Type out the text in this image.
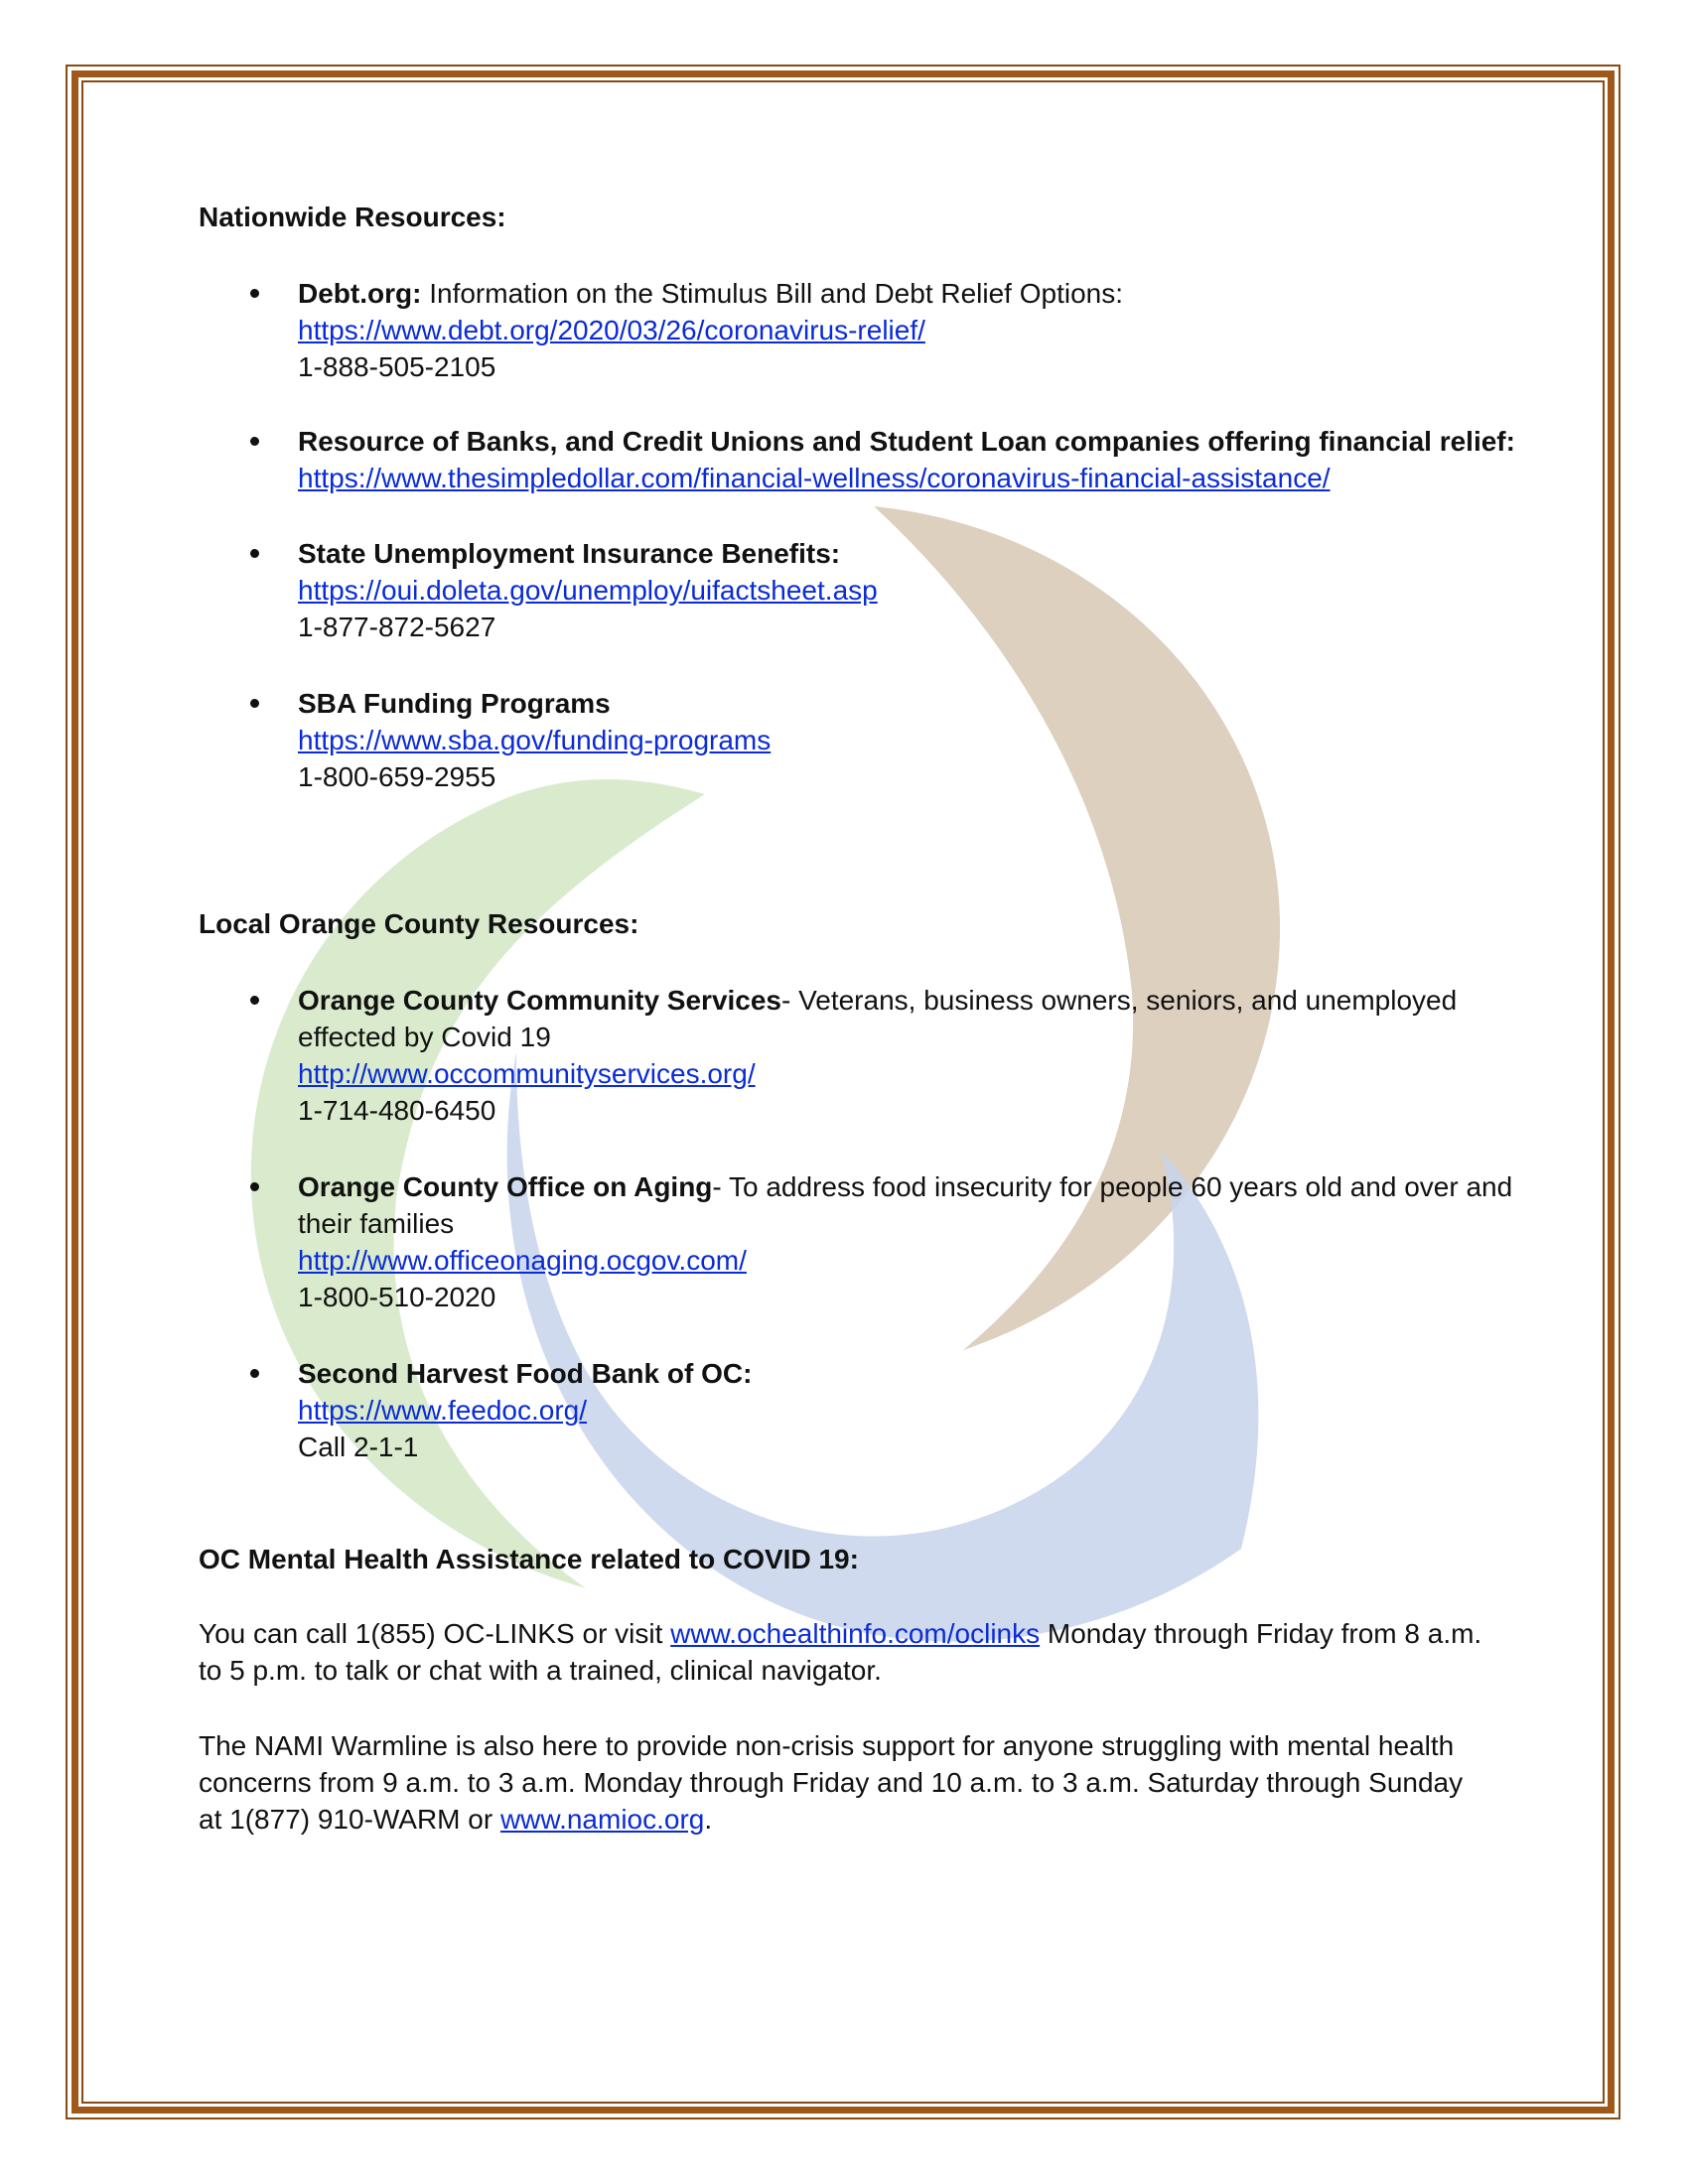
Nationwide Resources:
Debt.org: Information on the Stimulus Bill and Debt Relief Options:
https://www.debt.org/2020/03/26/coronavirus-relief/
1-888-505-2105
Resource of Banks, and Credit Unions and Student Loan companies offering financial relief:
https://www.thesimpledollar.com/financial-wellness/coronavirus-financial-assistance/
State Unemployment Insurance Benefits:
https://oui.doleta.gov/unemploy/uifactsheet.asp
1-877-872-5627
SBA Funding Programs
https://www.sba.gov/funding-programs
1-800-659-2955
Local Orange County Resources:
Orange County Community Services- Veterans, business owners, seniors, and unemployed
effected by Covid 19
http://www.occommunityservices.org/
1-714-480-6450
Orange County Office on Aging- To address food insecurity for people 60 years old and over and
their families
http://www.officeonaging.ocgov.com/
1-800-510-2020
Second Harvest Food Bank of OC:
https://www.feedoc.org/
Call 2-1-1
OC Mental Health Assistance related to COVID 19:
You can call 1(855) OC-LINKS or visit www.ochealthinfo.com/oclinks Monday through Friday from 8 a.m.
to 5 p.m. to talk or chat with a trained, clinical navigator.
The NAMI Warmline is also here to provide non-crisis support for anyone struggling with mental health
concerns from 9 a.m. to 3 a.m. Monday through Friday and 10 a.m. to 3 a.m. Saturday through Sunday
at 1(877) 910-WARM or www.namioc.org.
